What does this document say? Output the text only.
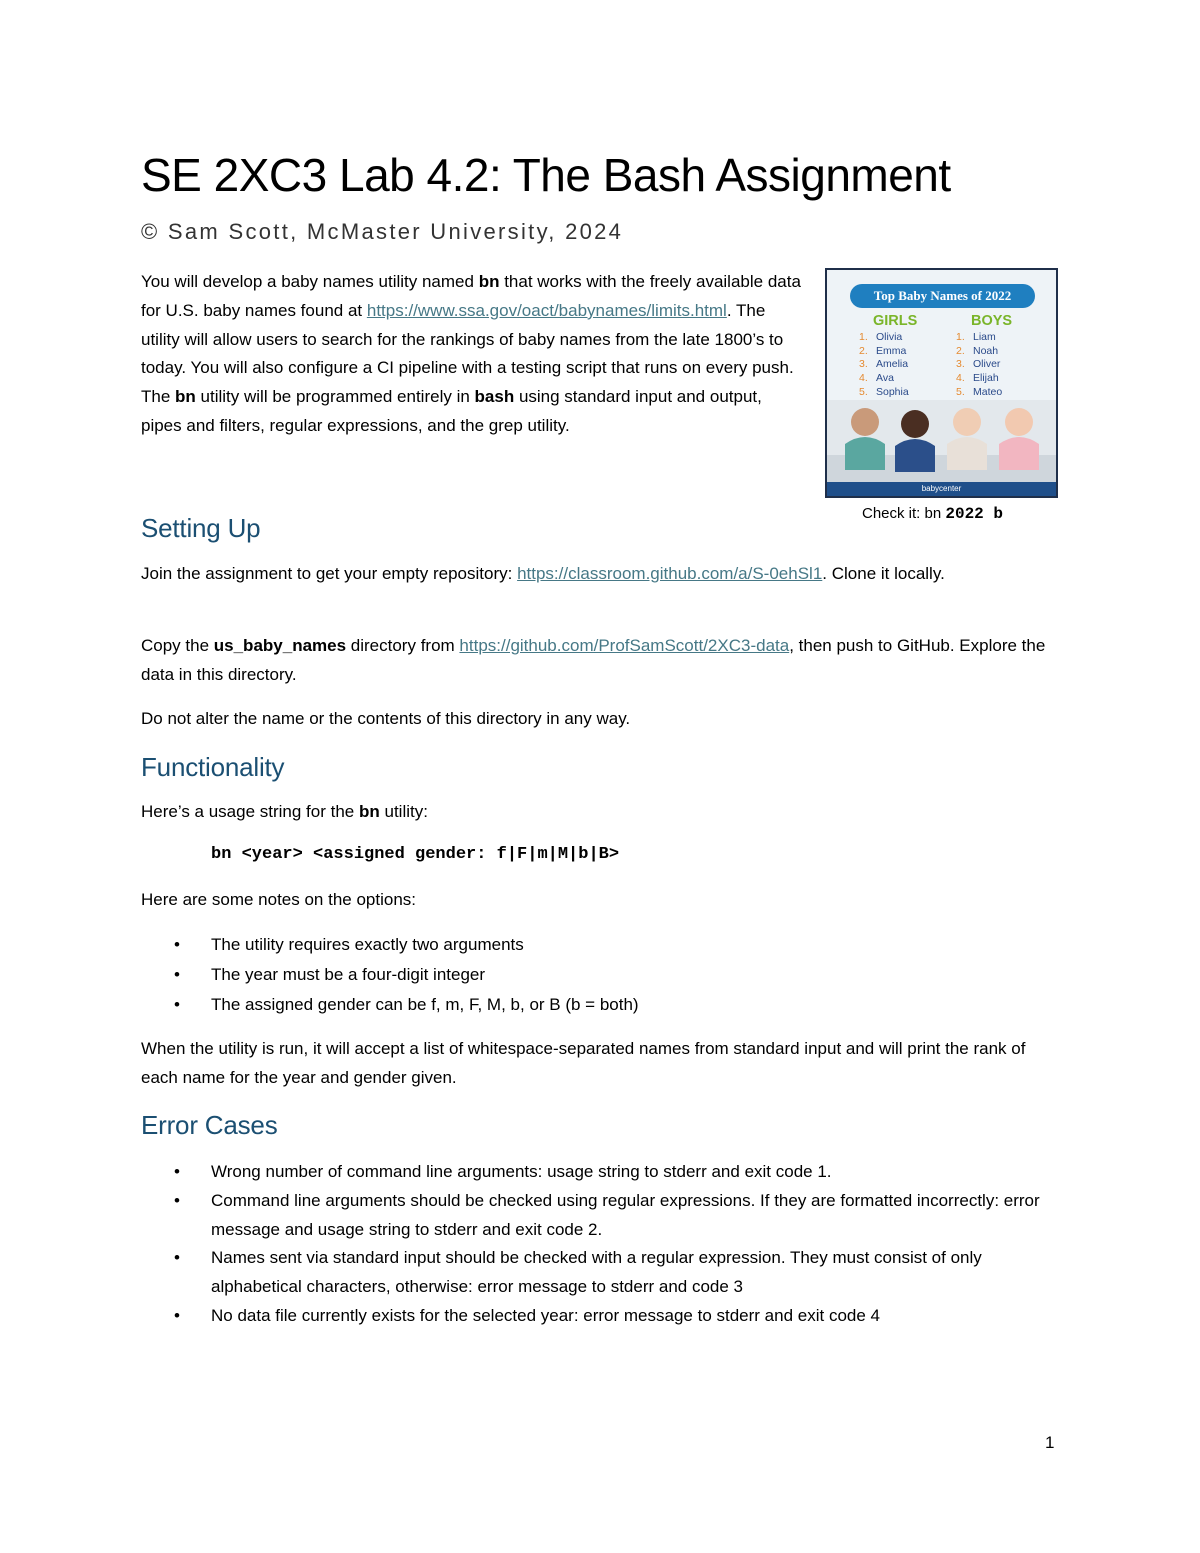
SE 2XC3 Lab 4.2: The Bash Assignment
© Sam Scott, McMaster University, 2024
You will develop a baby names utility named bn that works with the freely available data for U.S. baby names found at https://www.ssa.gov/oact/babynames/limits.html. The utility will allow users to search for the rankings of baby names from the late 1800’s to today. You will also configure a CI pipeline with a testing script that runs on every push. The bn utility will be programmed entirely in bash using standard input and output, pipes and filters, regular expressions, and the grep utility.
Top Baby Names of 2022
GIRLS	BOYS
1. Olivia
2. Emma
3. Amelia
4. Ava
5. Sophia
1. Liam
2. Noah
3. Oliver
4. Elijah
5. Mateo
babycenter
Check it: bn 2022 b
Setting Up
Join the assignment to get your empty repository: https://classroom.github.com/a/S-0ehSl1. Clone it locally.
Copy the us_baby_names directory from https://github.com/ProfSamScott/2XC3-data, then push to GitHub. Explore the data in this directory.
Do not alter the name or the contents of this directory in any way.
Functionality
Here’s a usage string for the bn utility:
bn <year> <assigned gender: f|F|m|M|b|B>
Here are some notes on the options:
• The utility requires exactly two arguments
• The year must be a four-digit integer
• The assigned gender can be f, m, F, M, b, or B (b = both)
When the utility is run, it will accept a list of whitespace-separated names from standard input and will print the rank of each name for the year and gender given.
Error Cases
• Wrong number of command line arguments: usage string to stderr and exit code 1.
• Command line arguments should be checked using regular expressions. If they are formatted incorrectly: error message and usage string to stderr and exit code 2.
• Names sent via standard input should be checked with a regular expression. They must consist of only alphabetical characters, otherwise: error message to stderr and code 3
• No data file currently exists for the selected year: error message to stderr and exit code 4
1
